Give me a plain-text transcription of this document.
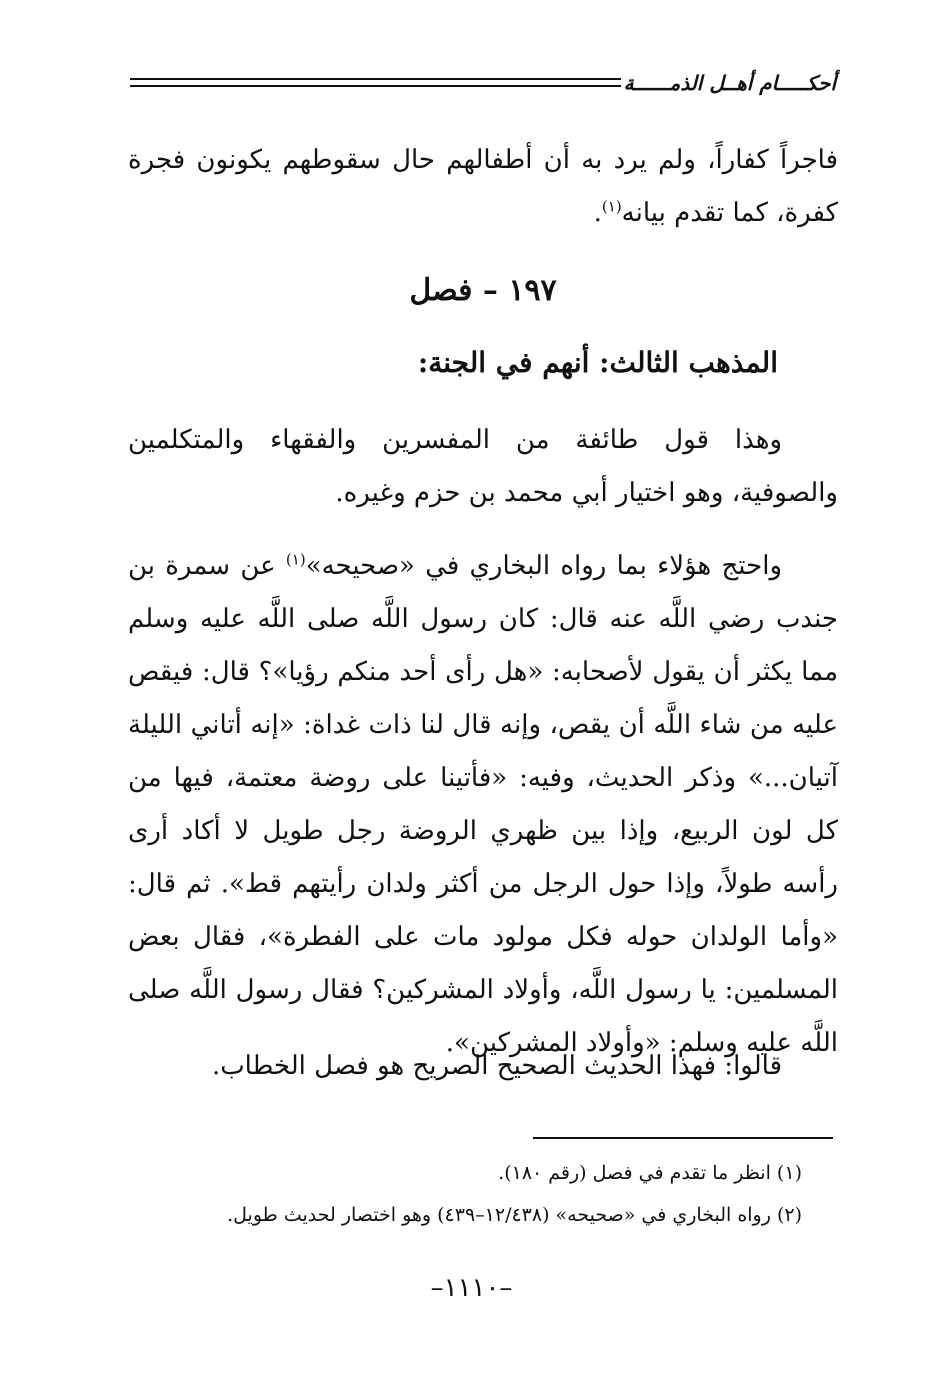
أحكـــــام أهــل الذمــــــة

فاجراً كفاراً، ولم يرد به أن أطفالهم حال سقوطهم يكونون فجرة كفرة، كما تقدم بيانه$^{(١)}$.

١٩٧ – فصل
المذهب الثالث: أنهم في الجنة:

وهذا قول طائفة من المفسرين والفقهاء والمتكلمين والصوفية، وهو اختيار أبي محمد بن حزم وغيره.

واحتج هؤلاء بما رواه البخاري في «صحيحه»$^{(١)}$ عن سمرة بن جندب رضي اللَّه عنه قال: كان رسول اللَّه صلى اللَّه عليه وسلم مما يكثر أن يقول لأصحابه: «هل رأى أحد منكم رؤيا»؟ قال: فيقص عليه من شاء اللَّه أن يقص، وإنه قال لنا ذات غداة: «إنه أتاني الليلة آتيان...» وذكر الحديث، وفيه: «فأتينا على روضة معتمة، فيها من كل لون الربيع، وإذا بين ظهري الروضة رجل طويل لا أكاد أرى رأسه طولاً، وإذا حول الرجل من أكثر ولدان رأيتهم قط». ثم قال: «وأما الولدان حوله فكل مولود مات على الفطرة»، فقال بعض المسلمين: يا رسول اللَّه، وأولاد المشركين؟ فقال رسول اللَّه صلى اللَّه عليه وسلم: «وأولاد المشركين».

قالوا: فهذا الحديث الصحيح الصريح هو فصل الخطاب.

(١) انظر ما تقدم في فصل (رقم ١٨٠).

(٢) رواه البخاري في «صحيحه» (١٢/٤٣٨–٤٣٩) وهو اختصار لحديث طويل.

–١١١٠–
